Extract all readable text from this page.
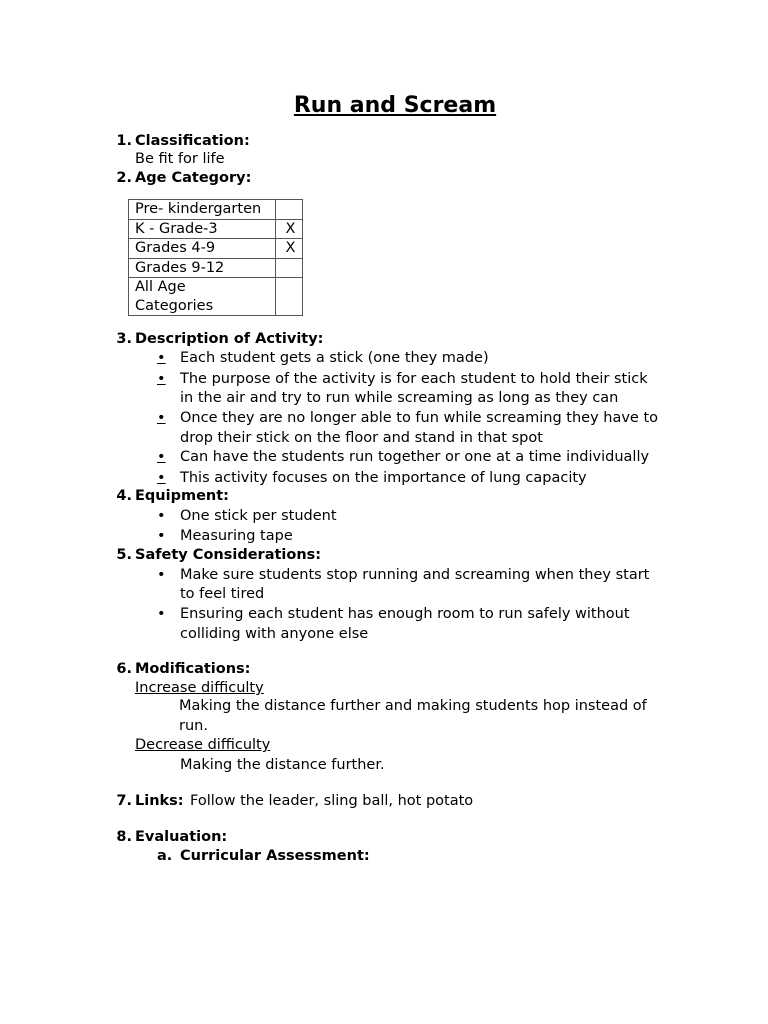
Run and Scream
1. Classification:
Be fit for life
2. Age Category:
Pre- kindergarten	
K - Grade-3	X
Grades 4-9	X
Grades 9-12	
All Age
Categories	
3. Description of Activity:
• Each student gets a stick (one they made)
• The purpose of the activity is for each student to hold their stick
in the air and try to run while screaming as long as they can
• Once they are no longer able to fun while screaming they have to
drop their stick on the floor and stand in that spot
• Can have the students run together or one at a time individually
• This activity focuses on the importance of lung capacity
4. Equipment:
• One stick per student
• Measuring tape
5. Safety Considerations:
• Make sure students stop running and screaming when they start
to feel tired
• Ensuring each student has enough room to run safely without
colliding with anyone else
6. Modifications:
Increase difficulty
Making the distance further and making students hop instead of
run.
Decrease difficulty
Making the distance further.
7. Links: Follow the leader, sling ball, hot potato
8. Evaluation:
a. Curricular Assessment:
